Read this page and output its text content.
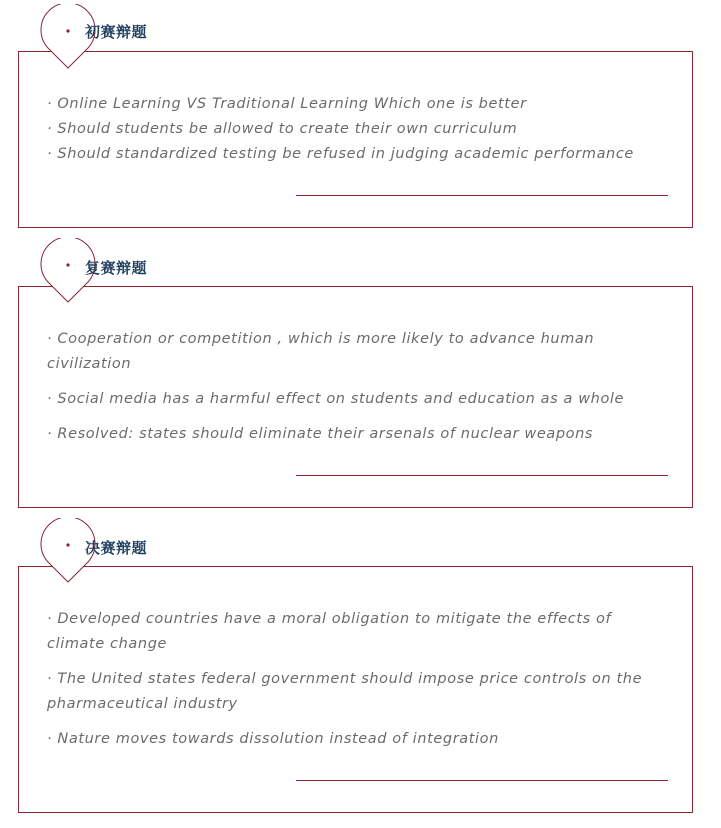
初赛辩题
· Online Learning VS Traditional Learning Which one is better
· Should students be allowed to create their own curriculum
· Should standardized testing be refused in judging academic performance
复赛辩题
· Cooperation or competition , which is more likely to advance human civilization
· Social media has a harmful effect on students and education as a whole
· Resolved: states should eliminate their arsenals of nuclear weapons
决赛辩题
· Developed countries have a moral obligation to mitigate the effects of climate change
· The United states federal government should impose price controls on the pharmaceutical industry
· Nature moves towards dissolution instead of integration
